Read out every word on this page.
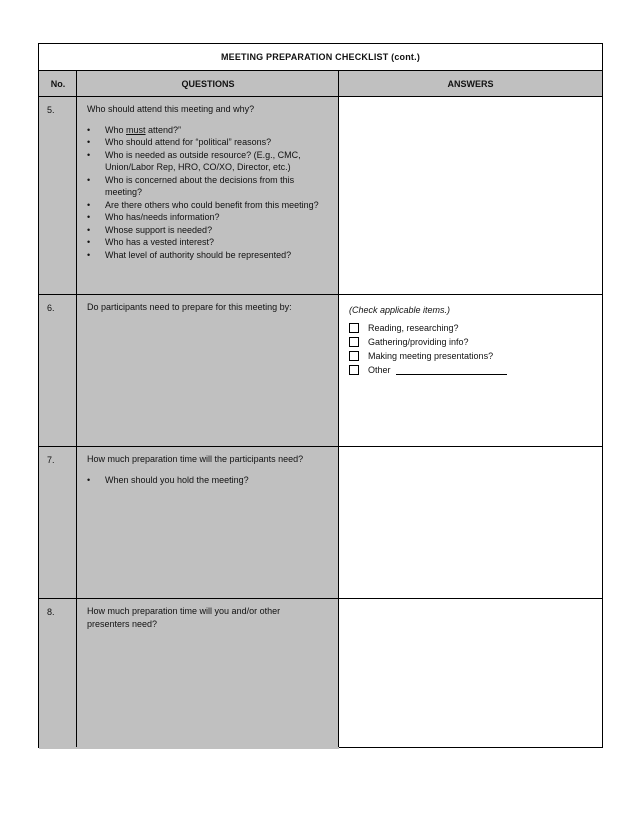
MEETING PREPARATION CHECKLIST (cont.)
No.	QUESTIONS	ANSWERS
5.	Who should attend this meeting and why?

• Who must attend?”
• Who should attend for “political” reasons?
• Who is needed as outside resource? (E.g., CMC, Union/Labor Rep, HRO, CO/XO, Director, etc.)
• Who is concerned about the decisions from this meeting?
• Are there others who could benefit from this meeting?
• Who has/needs information?
• Whose support is needed?
• Who has a vested interest?
• What level of authority should be represented?
6.	Do participants need to prepare for this meeting by:	(Check applicable items.)
Reading, researching?
Gathering/providing info?
Making meeting presentations?
Other
7.	How much preparation time will the participants need?

• When should you hold the meeting?
8.	How much preparation time will you and/or other presenters need?
